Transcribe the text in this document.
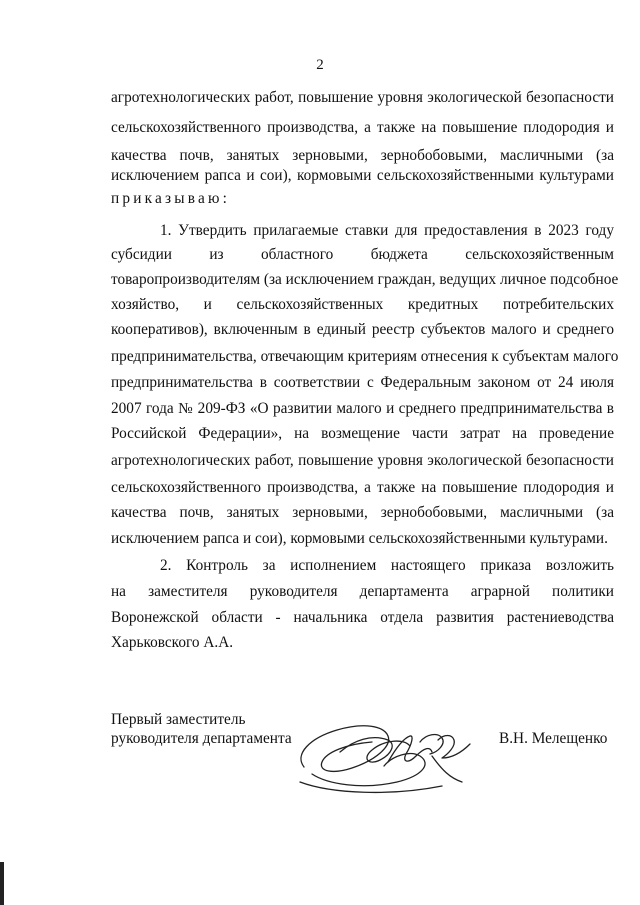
2
агротехнологических работ, повышение уровня экологической безопасности
сельскохозяйственного производства, а также на повышение плодородия и
качества почв, занятых зерновыми, зернобобовыми, масличными (за
исключением рапса и сои), кормовыми сельскохозяйственными культурами
приказываю:
1. Утвердить прилагаемые ставки для предоставления в 2023 году
субсидии из областного бюджета сельскохозяйственным
товаропроизводителям (за исключением граждан, ведущих личное подсобное
хозяйство, и сельскохозяйственных кредитных потребительских
кооперативов), включенным в единый реестр субъектов малого и среднего
предпринимательства, отвечающим критериям отнесения к субъектам малого
предпринимательства в соответствии с Федеральным законом от 24 июля
2007 года № 209-ФЗ «О развитии малого и среднего предпринимательства в
Российской Федерации», на возмещение части затрат на проведение
агротехнологических работ, повышение уровня экологической безопасности
сельскохозяйственного производства, а также на повышение плодородия и
качества почв, занятых зерновыми, зернобобовыми, масличными (за
исключением рапса и сои), кормовыми сельскохозяйственными культурами.
2. Контроль за исполнением настоящего приказа возложить
на заместителя руководителя департамента аграрной политики
Воронежской области - начальника отдела развития растениеводства
Харьковского А.А.
Первый заместитель
руководителя департамента	В.Н. Мелещенко
